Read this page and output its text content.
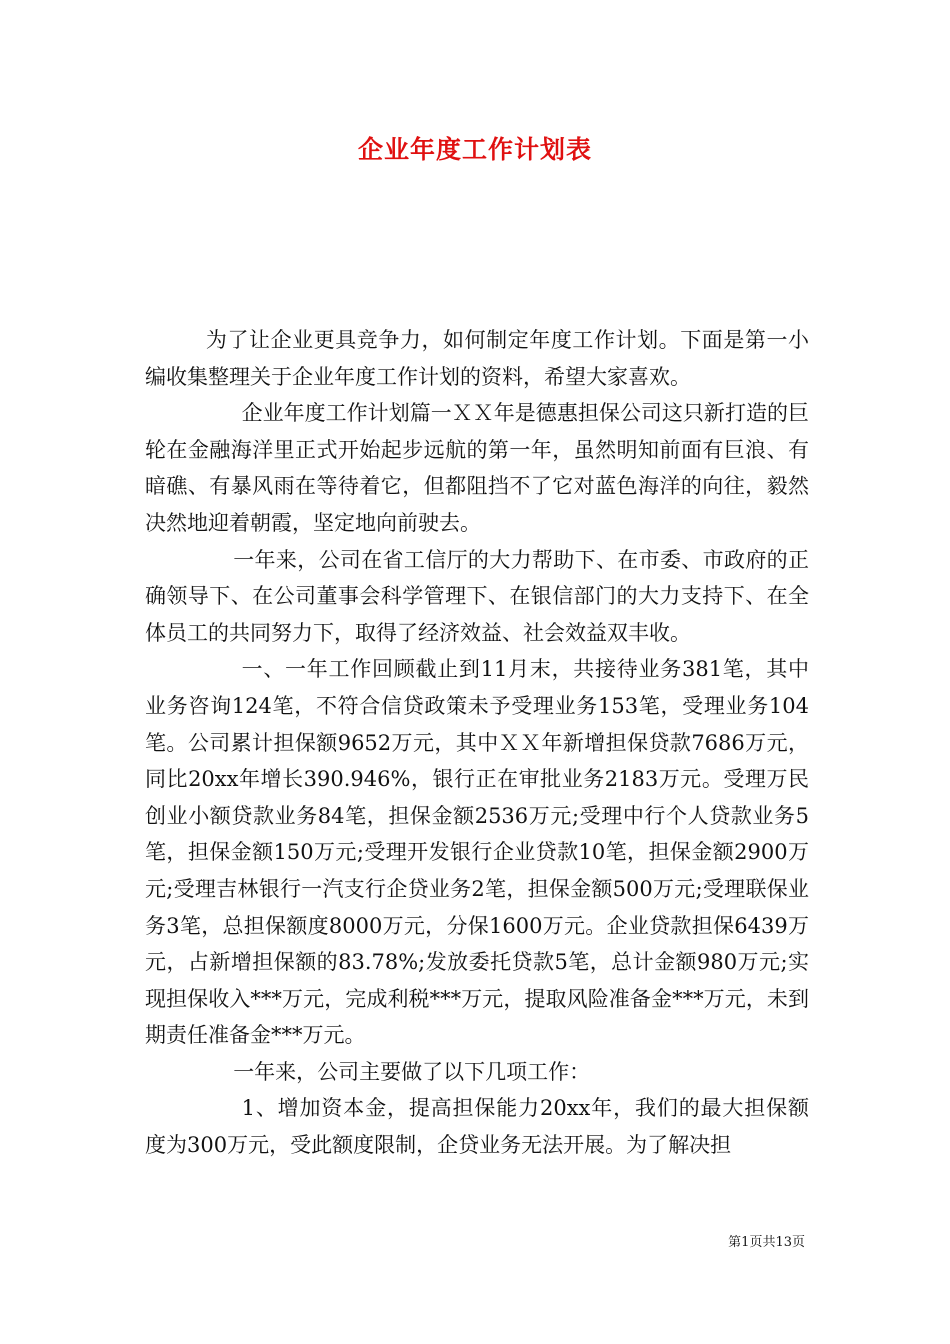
企业年度工作计划表

为了让企业更具竞争力，如何制定年度工作计划。下面是第一小编收集整理关于企业年度工作计划的资料，希望大家喜欢。

企业年度工作计划篇一ＸＸ年是德惠担保公司这只新打造的巨轮在金融海洋里正式开始起步远航的第一年，虽然明知前面有巨浪、有暗礁、有暴风雨在等待着它，但都阻挡不了它对蓝色海洋的向往，毅然决然地迎着朝霞，坚定地向前驶去。

一年来，公司在省工信厅的大力帮助下、在市委、市政府的正确领导下、在公司董事会科学管理下、在银信部门的大力支持下、在全体员工的共同努力下，取得了经济效益、社会效益双丰收。

一、一年工作回顾截止到11月末，共接待业务381笔，其中业务咨询124笔，不符合信贷政策未予受理业务153笔，受理业务104笔。公司累计担保额9652万元，其中ＸＸ年新增担保贷款7686万元，同比20xx年增长390.946%，银行正在审批业务2183万元。受理万民创业小额贷款业务84笔，担保金额2536万元;受理中行个人贷款业务5笔，担保金额150万元;受理开发银行企业贷款10笔，担保金额2900万元;受理吉林银行一汽支行企贷业务2笔，担保金额500万元;受理联保业务3笔，总担保额度8000万元，分保1600万元。企业贷款担保6439万元，占新增担保额的83.78%;发放委托贷款5笔，总计金额980万元;实现担保收入***万元，完成利税***万元，提取风险准备金***万元，未到期责任准备金***万元。

一年来，公司主要做了以下几项工作：

1、增加资本金，提高担保能力20xx年，我们的最大担保额度为300万元，受此额度限制，企贷业务无法开展。为了解决担

第1页共13页
